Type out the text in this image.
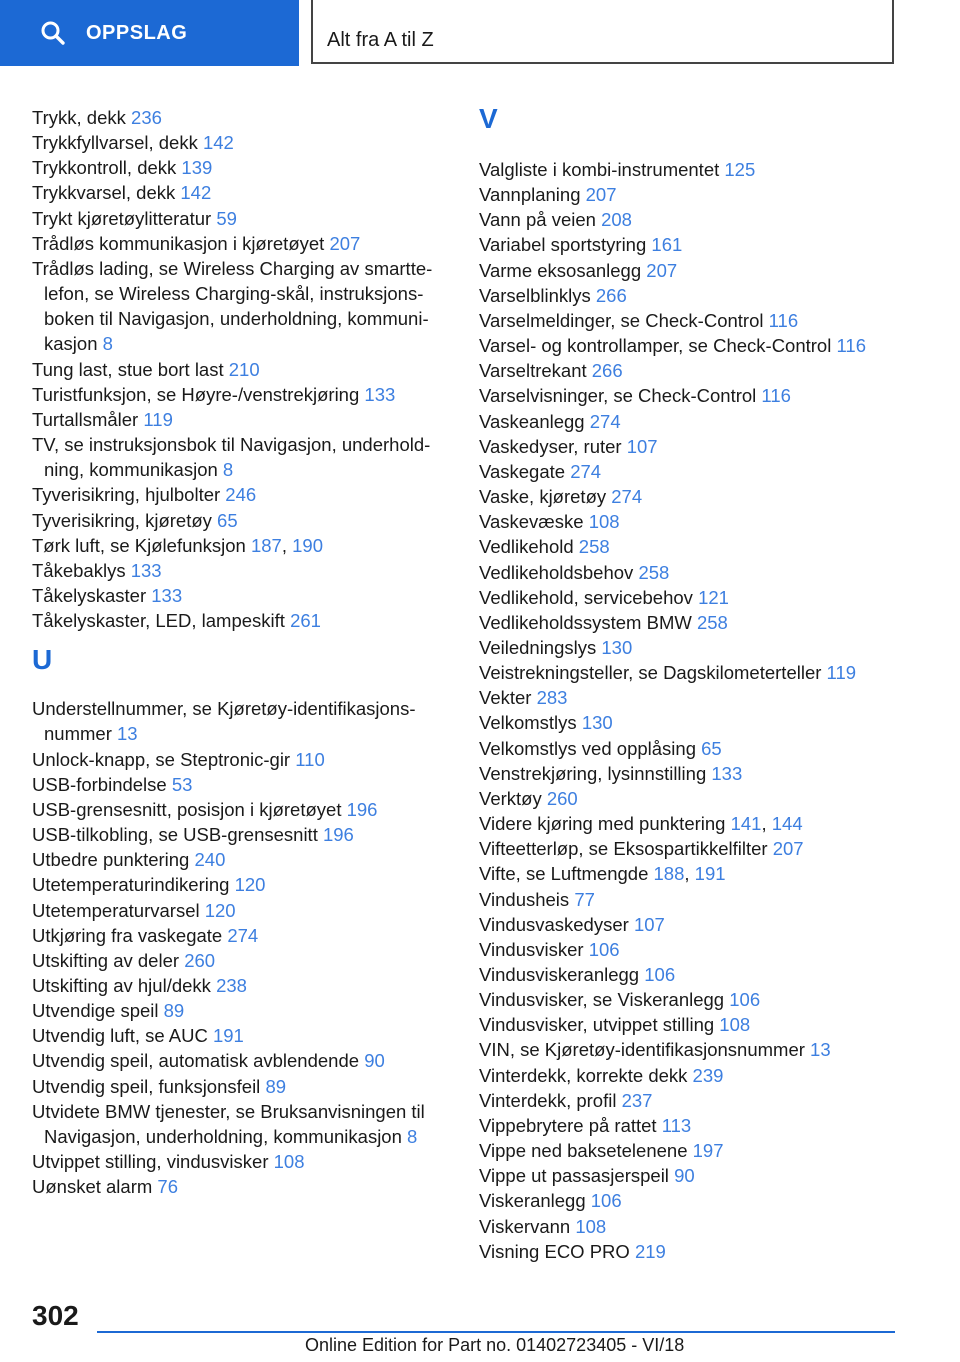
OPPSLAG	Alt fra A til Z
Trykk, dekk 236
Trykkfyllvarsel, dekk 142
Trykkontroll, dekk 139
Trykkvarsel, dekk 142
Trykt kjøretøylitteratur 59
Trådløs kommunikasjon i kjøretøyet 207
Trådløs lading, se Wireless Charging av smarttelefon, se Wireless Charging-skål, instruksjonsboken til Navigasjon, underholdning, kommunikasjon 8
Tung last, stue bort last 210
Turistfunksjon, se Høyre-/venstrekjøring 133
Turtallsmåler 119
TV, se instruksjonsbok til Navigasjon, underholdning, kommunikasjon 8
Tyverisikring, hjulbolter 246
Tyverisikring, kjøretøy 65
Tørk luft, se Kjølefunksjon 187, 190
Tåkebaklys 133
Tåkelyskaster 133
Tåkelyskaster, LED, lampeskift 261
U
Understellnummer, se Kjøretøy-identifikasjonsnummer 13
Unlock-knapp, se Steptronic-gir 110
USB-forbindelse 53
USB-grensesnitt, posisjon i kjøretøyet 196
USB-tilkobling, se USB-grensesnitt 196
Utbedre punktering 240
Utetemperaturindikering 120
Utetemperaturvarsel 120
Utkjøring fra vaskegate 274
Utskifting av deler 260
Utskifting av hjul/dekk 238
Utvendige speil 89
Utvendig luft, se AUC 191
Utvendig speil, automatisk avblendende 90
Utvendig speil, funksjonsfeil 89
Utvidete BMW tjenester, se Bruksanvisningen til Navigasjon, underholdning, kommunikasjon 8
Utvippet stilling, vindusvisker 108
Uønsket alarm 76
V
Valgliste i kombi-instrumentet 125
Vannplaning 207
Vann på veien 208
Variabel sportstyring 161
Varme eksosanlegg 207
Varselblinklys 266
Varselmeldinger, se Check-Control 116
Varsel- og kontrollamper, se Check-Control 116
Varseltrekant 266
Varselvisninger, se Check-Control 116
Vaskeanlegg 274
Vaskedyser, ruter 107
Vaskegate 274
Vaske, kjøretøy 274
Vaskevæske 108
Vedlikehold 258
Vedlikeholdsbehov 258
Vedlikehold, servicebehov 121
Vedlikeholdssystem BMW 258
Veiledningslys 130
Veistrekningsteller, se Dagskilometerteller 119
Vekter 283
Velkomstlys 130
Velkomstlys ved opplåsing 65
Venstrekjøring, lysinnstilling 133
Verktøy 260
Videre kjøring med punktering 141, 144
Vifteetterløp, se Eksospartikkelfilter 207
Vifte, se Luftmengde 188, 191
Vindusheis 77
Vindusvaskedyser 107
Vindusvisker 106
Vindusviskeranlegg 106
Vindusvisker, se Viskeranlegg 106
Vindusvisker, utvippet stilling 108
VIN, se Kjøretøy-identifikasjonsnummer 13
Vinterdekk, korrekte dekk 239
Vinterdekk, profil 237
Vippebrytere på rattet 113
Vippe ned baksetelenene 197
Vippe ut passasjerspeil 90
Viskeranlegg 106
Viskervann 108
Visning ECO PRO 219
302
Online Edition for Part no. 01402723405 - VI/18
